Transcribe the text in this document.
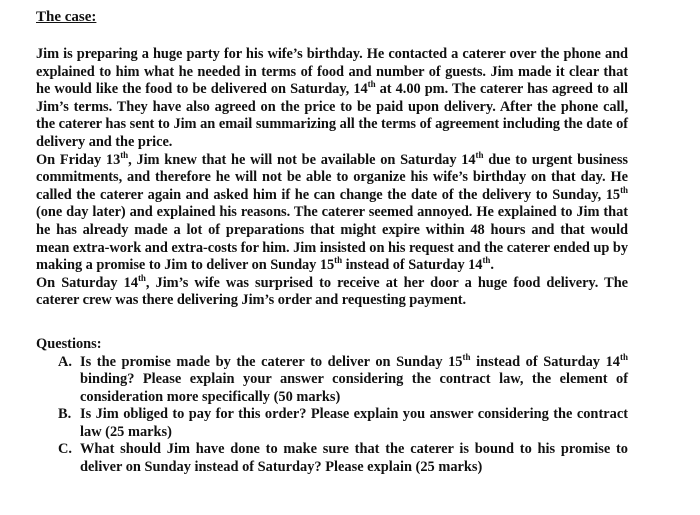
The case:

Jim is preparing a huge party for his wife’s birthday. He contacted a caterer over the phone and explained to him what he needed in terms of food and number of guests. Jim made it clear that he would like the food to be delivered on Saturday, 14th at 4.00 pm. The caterer has agreed to all Jim’s terms. They have also agreed on the price to be paid upon delivery. After the phone call, the caterer has sent to Jim an email summarizing all the terms of agreement including the date of delivery and the price.

On Friday 13th, Jim knew that he will not be available on Saturday 14th due to urgent business commitments, and therefore he will not be able to organize his wife’s birthday on that day. He called the caterer again and asked him if he can change the date of the delivery to Sunday, 15th (one day later) and explained his reasons. The caterer seemed annoyed. He explained to Jim that he has already made a lot of preparations that might expire within 48 hours and that would mean extra-work and extra-costs for him. Jim insisted on his request and the caterer ended up by making a promise to Jim to deliver on Sunday 15th instead of Saturday 14th.

On Saturday 14th, Jim’s wife was surprised to receive at her door a huge food delivery. The caterer crew was there delivering Jim’s order and requesting payment.

Questions:
A. Is the promise made by the caterer to deliver on Sunday 15th instead of Saturday 14th binding? Please explain your answer considering the contract law, the element of consideration more specifically (50 marks)
B. Is Jim obliged to pay for this order? Please explain you answer considering the contract law (25 marks)
C. What should Jim have done to make sure that the caterer is bound to his promise to deliver on Sunday instead of Saturday? Please explain (25 marks)
